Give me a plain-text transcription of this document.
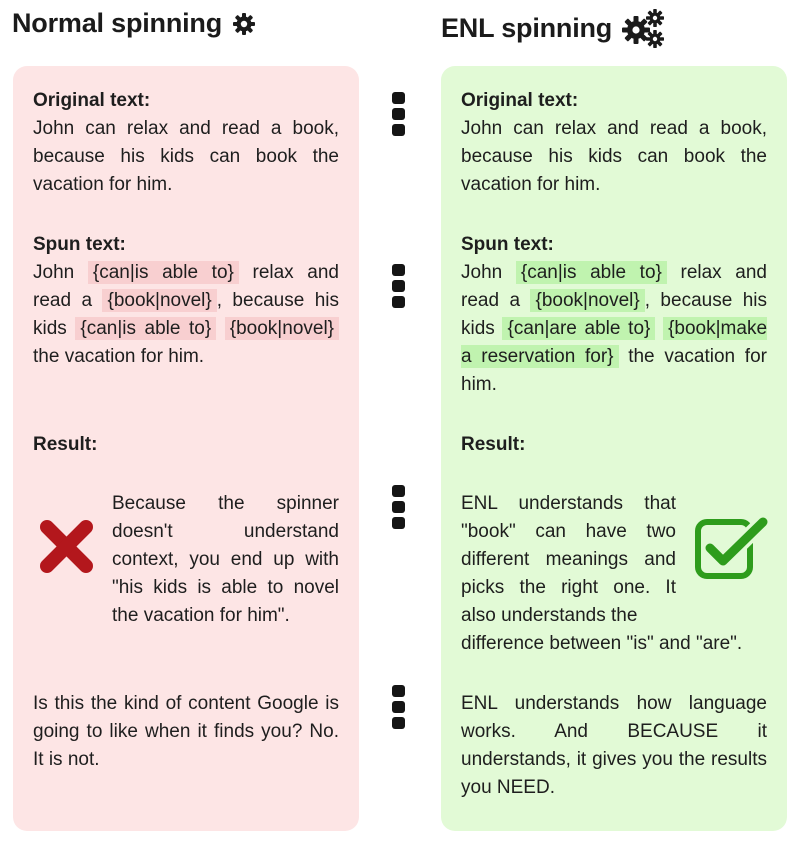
Normal spinning	ENL spinning
Original text:
John can relax and read a book, because his kids can book the vacation for him.
Spun text:
John {can|is able to} relax and read a {book|novel} , because his kids {can|is able to} {book|novel} the vacation for him.
Result:
Because the spinner doesn't understand context, you end up with "his kids is able to novel the vacation for him".
Is this the kind of content Google is going to like when it finds you? No. It is not.
Original text:
John can relax and read a book, because his kids can book the vacation for him.
Spun text:
John {can|is able to} relax and read a {book|novel} , because his kids {can|are able to} {book|make a reservation for} the vacation for him.
Result:
ENL understands that "book" can have two different meanings and picks the right one. It also understands the
difference between "is" and "are".
ENL understands how language works. And BECAUSE it understands, it gives you the results you NEED.
